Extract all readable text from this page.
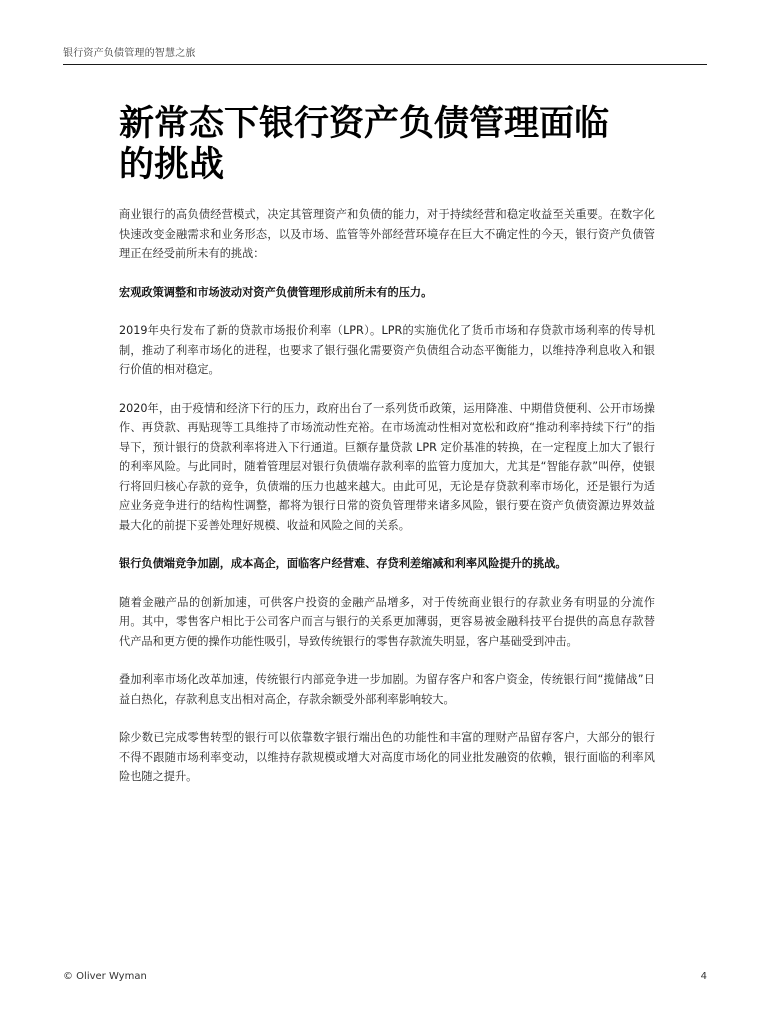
银行资产负债管理的智慧之旅
新常态下银行资产负债管理面临
的挑战

商业银行的高负债经营模式，决定其管理资产和负债的能力，对于持续经营和稳定收益至关重要。在数字化快速改变金融需求和业务形态，以及市场、监管等外部经营环境存在巨大不确定性的今天，银行资产负债管理正在经受前所未有的挑战：

宏观政策调整和市场波动对资产负债管理形成前所未有的压力。

2019年央行发布了新的贷款市场报价利率（LPR）。LPR的实施优化了货币市场和存贷款市场利率的传导机制，推动了利率市场化的进程，也要求了银行强化需要资产负债组合动态平衡能力，以维持净利息收入和银行价值的相对稳定。

2020年，由于疫情和经济下行的压力，政府出台了一系列货币政策，运用降准、中期借贷便利、公开市场操作、再贷款、再贴现等工具维持了市场流动性充裕。在市场流动性相对宽松和政府“推动利率持续下行”的指导下，预计银行的贷款利率将进入下行通道。巨额存量贷款 LPR 定价基准的转换，在一定程度上加大了银行的利率风险。与此同时，随着管理层对银行负债端存款利率的监管力度加大，尤其是“智能存款”叫停，使银行将回归核心存款的竞争，负债端的压力也越来越大。由此可见，无论是存贷款利率市场化，还是银行为适应业务竞争进行的结构性调整，都将为银行日常的资负管理带来诸多风险，银行要在资产负债资源边界效益最大化的前提下妥善处理好规模、收益和风险之间的关系。

银行负债端竞争加剧，成本高企，面临客户经营难、存贷利差缩减和利率风险提升的挑战。

随着金融产品的创新加速，可供客户投资的金融产品增多，对于传统商业银行的存款业务有明显的分流作用。其中，零售客户相比于公司客户而言与银行的关系更加薄弱，更容易被金融科技平台提供的高息存款替代产品和更方便的操作功能性吸引，导致传统银行的零售存款流失明显，客户基础受到冲击。

叠加利率市场化改革加速，传统银行内部竞争进一步加剧。为留存客户和客户资金，传统银行间“揽储战”日益白热化，存款利息支出相对高企，存款余额受外部利率影响较大。

除少数已完成零售转型的银行可以依靠数字银行端出色的功能性和丰富的理财产品留存客户，大部分的银行不得不跟随市场利率变动，以维持存款规模或增大对高度市场化的同业批发融资的依赖，银行面临的利率风险也随之提升。

© Oliver Wyman	4
